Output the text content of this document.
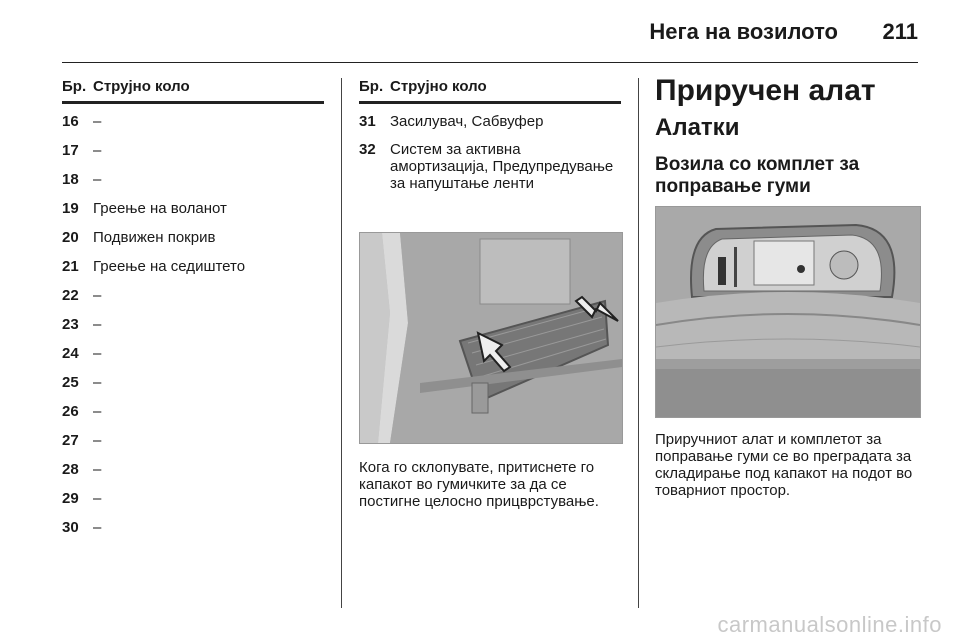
Нега на возилото 211
Бр. Струјно коло
16 –
17 –
18 –
19 Греење на воланот
20 Подвижен покрив
21 Греење на седиштето
22 –
23 –
24 –
25 –
26 –
27 –
28 –
29 –
30 –
Бр. Струјно коло
31 Засилувач, Сабвуфер
32 Систем за активна амортизација, Предупредување за напуштање ленти
Кога го склопувате, притиснете го капакот во гумичките за да се постигне целосно прицврстување.
Приручен алат
Алатки
Возила со комплет за поправање гуми
Приручниот алат и комплетот за поправање гуми се во преградата за складирање под капакот на подот во товарниот простор.
carmanualsonline.info
